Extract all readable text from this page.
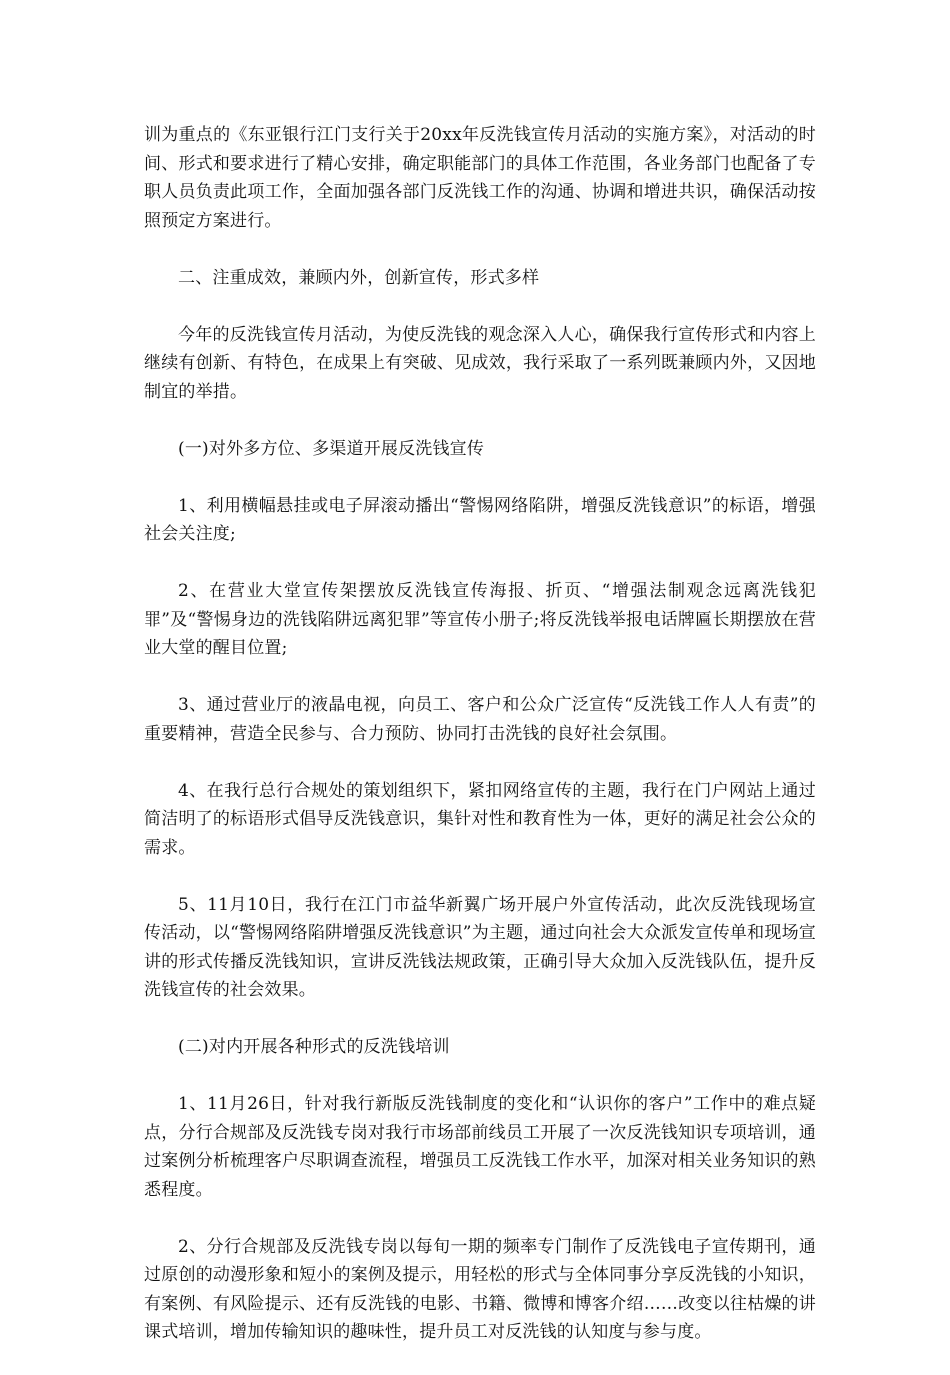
训为重点的《东亚银行江门支行关于20xx年反洗钱宣传月活动的实施方案》，对活动的时间、形式和要求进行了精心安排，确定职能部门的具体工作范围，各业务部门也配备了专职人员负责此项工作，全面加强各部门反洗钱工作的沟通、协调和增进共识，确保活动按照预定方案进行。

二、注重成效，兼顾内外，创新宣传，形式多样

今年的反洗钱宣传月活动，为使反洗钱的观念深入人心，确保我行宣传形式和内容上继续有创新、有特色，在成果上有突破、见成效，我行采取了一系列既兼顾内外，又因地制宜的举措。

(一)对外多方位、多渠道开展反洗钱宣传

1、利用横幅悬挂或电子屏滚动播出“警惕网络陷阱，增强反洗钱意识”的标语，增强社会关注度;

2、在营业大堂宣传架摆放反洗钱宣传海报、折页、“增强法制观念远离洗钱犯罪”及“警惕身边的洗钱陷阱远离犯罪”等宣传小册子;将反洗钱举报电话牌匾长期摆放在营业大堂的醒目位置;

3、通过营业厅的液晶电视，向员工、客户和公众广泛宣传“反洗钱工作人人有责”的重要精神，营造全民参与、合力预防、协同打击洗钱的良好社会氛围。

4、在我行总行合规处的策划组织下，紧扣网络宣传的主题，我行在门户网站上通过简洁明了的标语形式倡导反洗钱意识，集针对性和教育性为一体，更好的满足社会公众的需求。

5、11月10日，我行在江门市益华新翼广场开展户外宣传活动，此次反洗钱现场宣传活动，以“警惕网络陷阱增强反洗钱意识”为主题，通过向社会大众派发宣传单和现场宣讲的形式传播反洗钱知识，宣讲反洗钱法规政策，正确引导大众加入反洗钱队伍，提升反洗钱宣传的社会效果。

(二)对内开展各种形式的反洗钱培训

1、11月26日，针对我行新版反洗钱制度的变化和“认识你的客户”工作中的难点疑点，分行合规部及反洗钱专岗对我行市场部前线员工开展了一次反洗钱知识专项培训，通过案例分析梳理客户尽职调查流程，增强员工反洗钱工作水平，加深对相关业务知识的熟悉程度。

2、分行合规部及反洗钱专岗以每旬一期的频率专门制作了反洗钱电子宣传期刊，通过原创的动漫形象和短小的案例及提示，用轻松的形式与全体同事分享反洗钱的小知识，有案例、有风险提示、还有反洗钱的电影、书籍、微博和博客介绍……改变以往枯燥的讲课式培训，增加传输知识的趣味性，提升员工对反洗钱的认知度与参与度。
